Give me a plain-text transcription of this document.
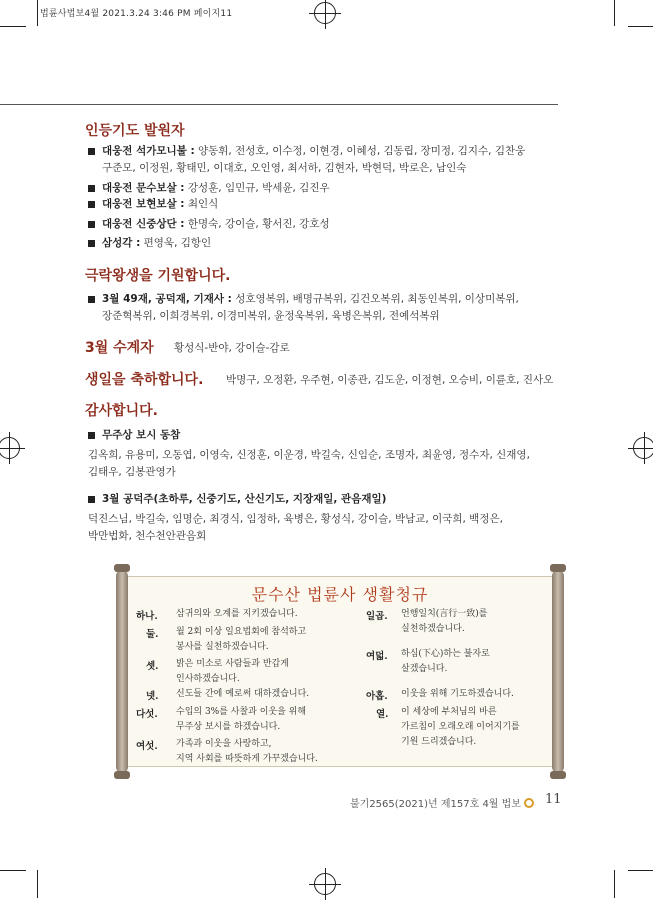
법륜사법보4월 2021.3.24 3:46 PM 페이지11
인등기도 발원자
대웅전 석가모니불 : 양동휘, 전성호, 이수정, 이현경, 이혜성, 김동립, 장미정, 김지수, 김찬웅
구준모, 이정원, 황태민, 이대호, 오인영, 최서하, 김현자, 박현덕, 박로은, 남인숙
대웅전 문수보살 : 강성훈, 임민규, 박세윤, 김진우
대웅전 보현보살 : 최인식
대웅전 신중상단 : 한명숙, 강이슬, 황서진, 강호성
삼성각 : 편영욱, 김항인
극락왕생을 기원합니다.
3월 49재, 공덕재, 기재사 : 성호영복위, 배명규복위, 김건오복위, 최동인복위, 이상미복위,
장준혁복위, 이희경복위, 이경미복위, 윤정욱복위, 육병은복위, 전예석복위
3월 수계자 황성식-반야, 강이슬-감로
생일을 축하합니다. 박명구, 오정환, 우주현, 이종관, 김도운, 이정현, 오승비, 이륜호, 진사오
감사합니다.
무주상 보시 동참
김옥희, 유용미, 오동엽, 이영숙, 신정훈, 이운경, 박길숙, 신임순, 조명자, 최윤영, 정수자, 신재영,
김태우, 김봉관영가
3월 공덕주(초하루, 신중기도, 산신기도, 지장재일, 관음재일)
덕진스님, 박길숙, 임명순, 최경식, 임정하, 육병은, 황성식, 강이슬, 박남교, 이국희, 백정은,
박만법화, 천수천안관음회
문수산 법륜사 생활청규
하나. 삼귀의와 오계를 지키겠습니다.
둘. 월 2회 이상 일요법회에 참석하고
봉사를 실천하겠습니다.
셋. 밝은 미소로 사람들과 반갑게
인사하겠습니다.
넷. 신도들 간에 예로써 대하겠습니다.
다섯. 수입의 3%를 사찰과 이웃을 위해
무주상 보시를 하겠습니다.
여섯. 가족과 이웃을 사랑하고,
지역 사회를 따뜻하게 가꾸겠습니다.
일곱. 언행일치(言行一致)를
실천하겠습니다.
여덟. 하심(下心)하는 불자로
살겠습니다.
아홉. 이웃을 위해 기도하겠습니다.
열. 이 세상에 부처님의 바른
가르침이 오래오래 이어지기를
기원 드리겠습니다.
불기2565(2021)년 제157호 4월 법보	11
